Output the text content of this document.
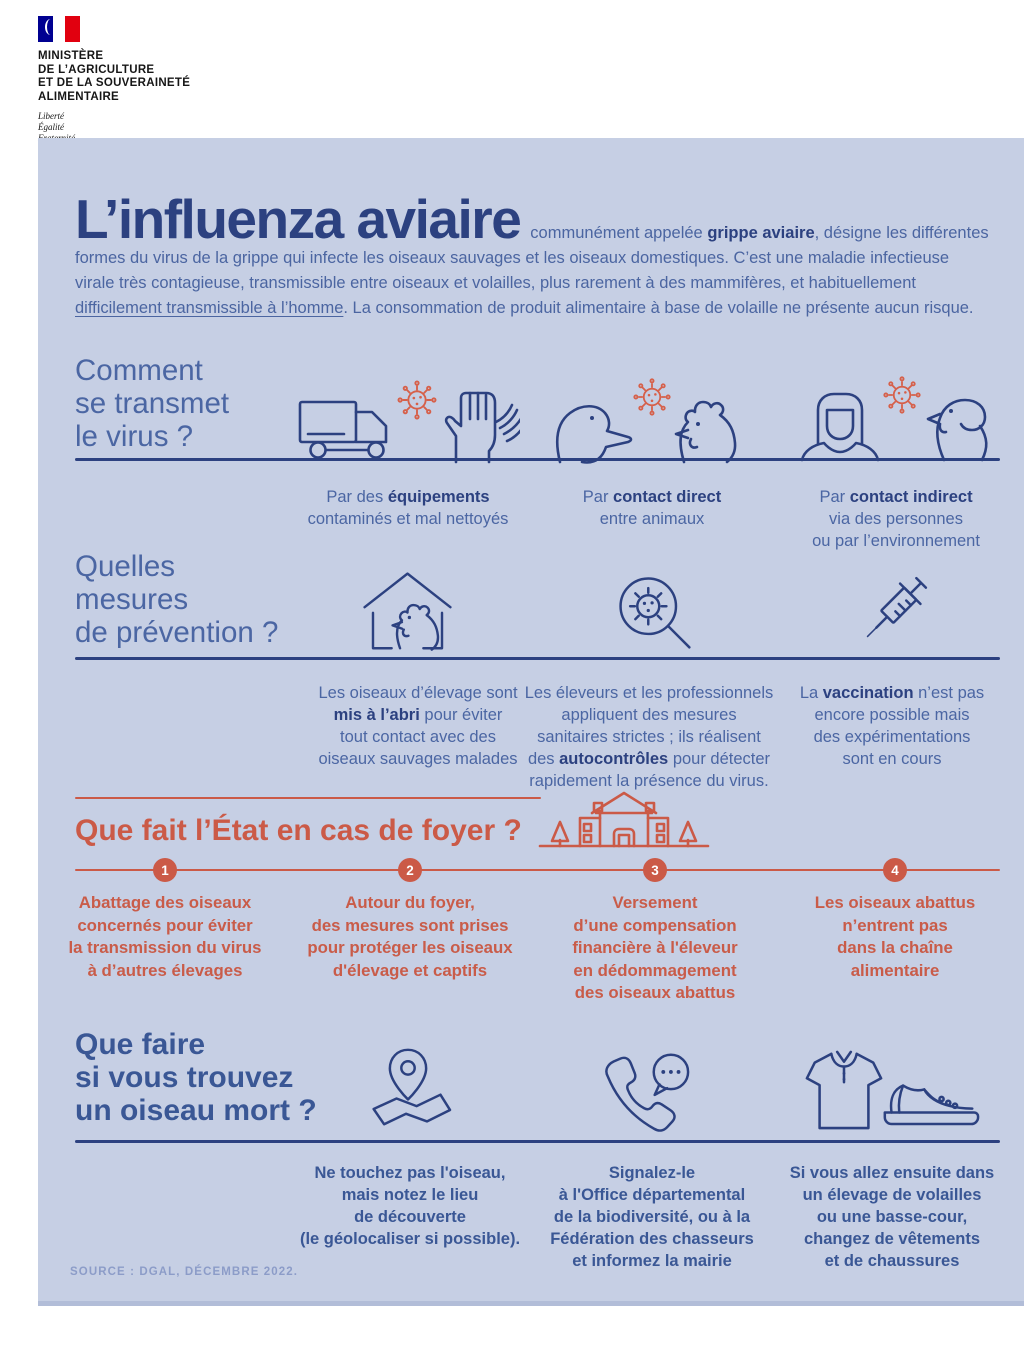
MINISTÈRE
DE L’AGRICULTURE
ET DE LA SOUVERAINETÉ
ALIMENTAIRE
Liberté
Égalité

L’influenza aviaire communément appelée grippe aviaire, désigne les différentes formes du virus de la grippe qui infecte les oiseaux sauvages et les oiseaux domestiques. C’est une maladie infectieuse virale très contagieuse, transmissible entre oiseaux et volailles, plus rarement à des mammifères, et habituellement difficilement transmissible à l’homme. La consommation de produit alimentaire à base de volaille ne présente aucun risque.

Comment
se transmet
le virus ?
Par des équipements
contaminés et mal nettoyés
Par contact direct
entre animaux
Par contact indirect
via des personnes
ou par l’environnement
Quelles
mesures
de prévention ?
Les oiseaux d’élevage sont
mis à l’abri pour éviter
tout contact avec des
oiseaux sauvages malades
Les éleveurs et les professionnels
appliquent des mesures
sanitaires strictes ; ils réalisent
des autocontrôles pour détecter
rapidement la présence du virus.
La vaccination n’est pas
encore possible mais
des expérimentations
sont en cours
Que fait l’État en cas de foyer ?
1	2	3	4
Abattage des oiseaux
concernés pour éviter
la transmission du virus
à d’autres élevages
Autour du foyer,
des mesures sont prises
pour protéger les oiseaux
d'élevage et captifs
Versement
d’une compensation
financière à l'éleveur
en dédommagement
des oiseaux abattus
Les oiseaux abattus
n’entrent pas
dans la chaîne
alimentaire
Que faire
si vous trouvez
un oiseau mort ?
Ne touchez pas l'oiseau,
mais notez le lieu
de découverte
(le géolocaliser si possible).
Signalez-le
à l'Office départemental
de la biodiversité, ou à la
Fédération des chasseurs
et informez la mairie
Si vous allez ensuite dans
un élevage de volailles
ou une basse-cour,
changez de vêtements
et de chaussures
SOURCE : DGAL, DÉCEMBRE 2022.
